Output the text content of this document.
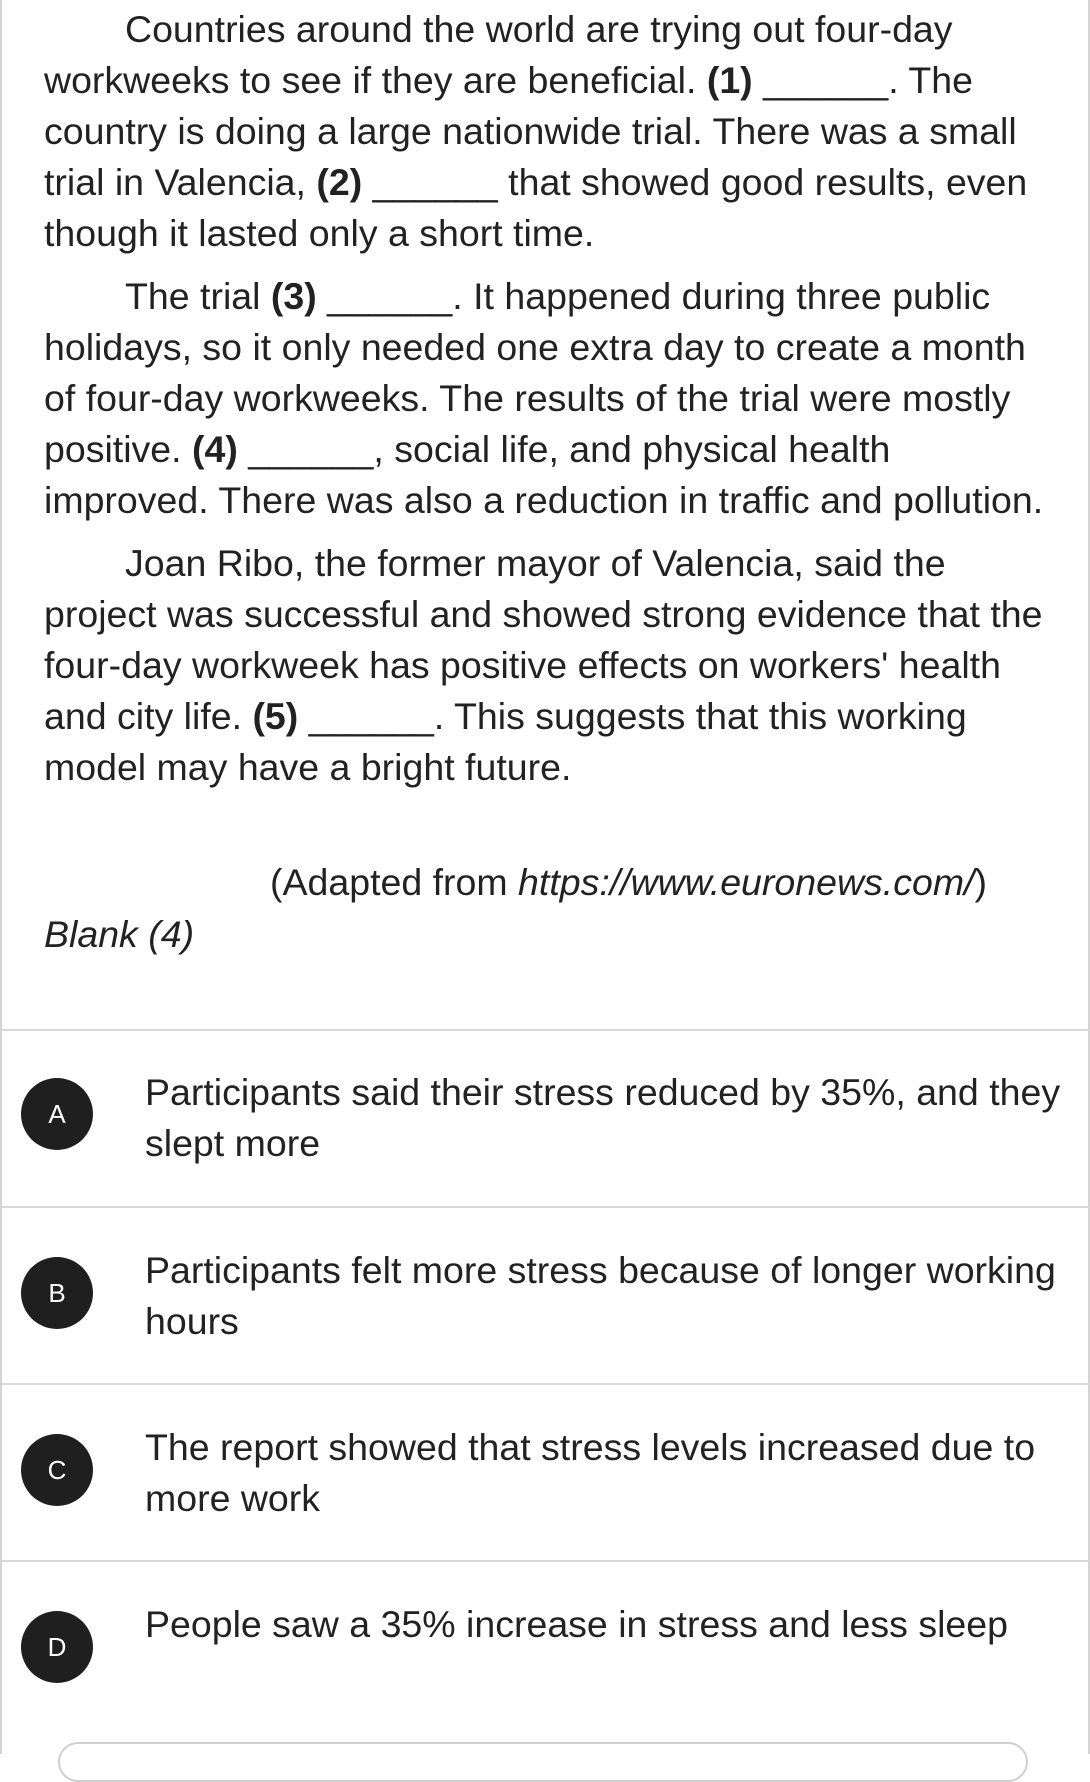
Countries around the world are trying out four-day workweeks to see if they are beneficial. (1) ______. The country is doing a large nationwide trial. There was a small trial in Valencia, (2) ______ that showed good results, even though it lasted only a short time.

The trial (3) ______. It happened during three public holidays, so it only needed one extra day to create a month of four-day workweeks. The results of the trial were mostly positive. (4) ______, social life, and physical health improved. There was also a reduction in traffic and pollution.

Joan Ribo, the former mayor of Valencia, said the project was successful and showed strong evidence that the four-day workweek has positive effects on workers' health and city life. (5) ______. This suggests that this working model may have a bright future.

(Adapted from https://www.euronews.com/)
Blank (4)
A
Participants said their stress reduced by 35%, and they slept more
B
Participants felt more stress because of longer working hours
C
The report showed that stress levels increased due to more work
D
People saw a 35% increase in stress and less sleep
